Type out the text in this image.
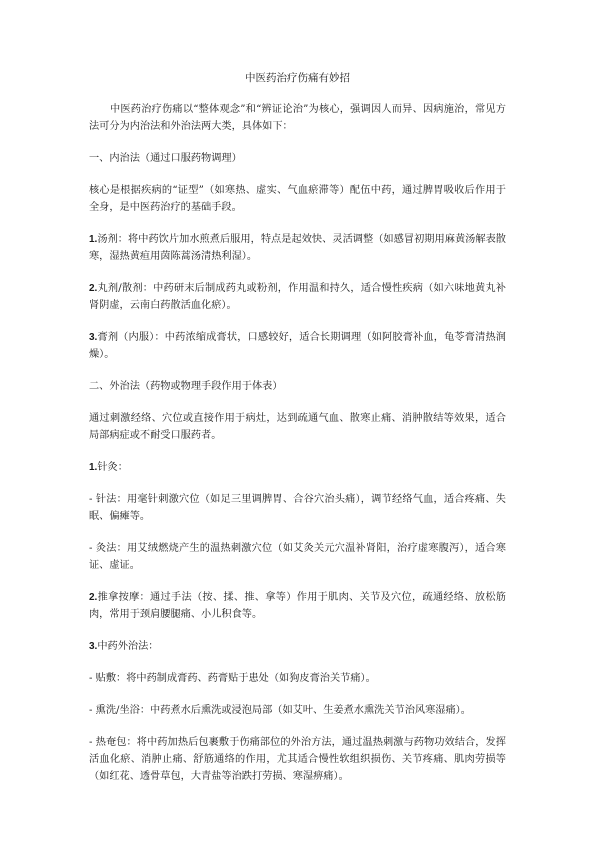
中医药治疗伤痛有妙招

中医药治疗伤痛以“整体观念”和“辨证论治”为核心，强调因人而异、因病施治，常见方法可分为内治法和外治法两大类，具体如下：

一、内治法（通过口服药物调理）

核心是根据疾病的“证型”（如寒热、虚实、气血瘀滞等）配伍中药，通过脾胃吸收后作用于全身，是中医药治疗的基础手段。

1.汤剂：将中药饮片加水煎煮后服用，特点是起效快、灵活调整（如感冒初期用麻黄汤解表散寒，湿热黄疸用茵陈蒿汤清热利湿）。

2.丸剂/散剂：中药研末后制成药丸或粉剂，作用温和持久，适合慢性疾病（如六味地黄丸补肾阴虚，云南白药散活血化瘀）。

3.膏剂（内服）：中药浓缩成膏状，口感较好，适合长期调理（如阿胶膏补血，龟苓膏清热润燥）。

二、外治法（药物或物理手段作用于体表）

通过刺激经络、穴位或直接作用于病灶，达到疏通气血、散寒止痛、消肿散结等效果，适合局部病症或不耐受口服药者。

1.针灸：

- 针法：用毫针刺激穴位（如足三里调脾胃、合谷穴治头痛），调节经络气血，适合疼痛、失眠、偏瘫等。

- 灸法：用艾绒燃烧产生的温热刺激穴位（如艾灸关元穴温补肾阳，治疗虚寒腹泻），适合寒证、虚证。

2.推拿按摩：通过手法（按、揉、推、拿等）作用于肌肉、关节及穴位，疏通经络、放松筋肉，常用于颈肩腰腿痛、小儿积食等。

3.中药外治法：

- 贴敷：将中药制成膏药、药膏贴于患处（如狗皮膏治关节痛）。

- 熏洗/坐浴：中药煮水后熏洗或浸泡局部（如艾叶、生姜煮水熏洗关节治风寒湿痛）。

- 热奄包：将中药加热后包裹敷于伤痛部位的外治方法，通过温热刺激与药物功效结合，发挥活血化瘀、消肿止痛、舒筋通络的作用，尤其适合慢性软组织损伤、关节疼痛、肌肉劳损等（如红花、透骨草包，大青盐等治跌打劳损、寒湿痹痛）。
